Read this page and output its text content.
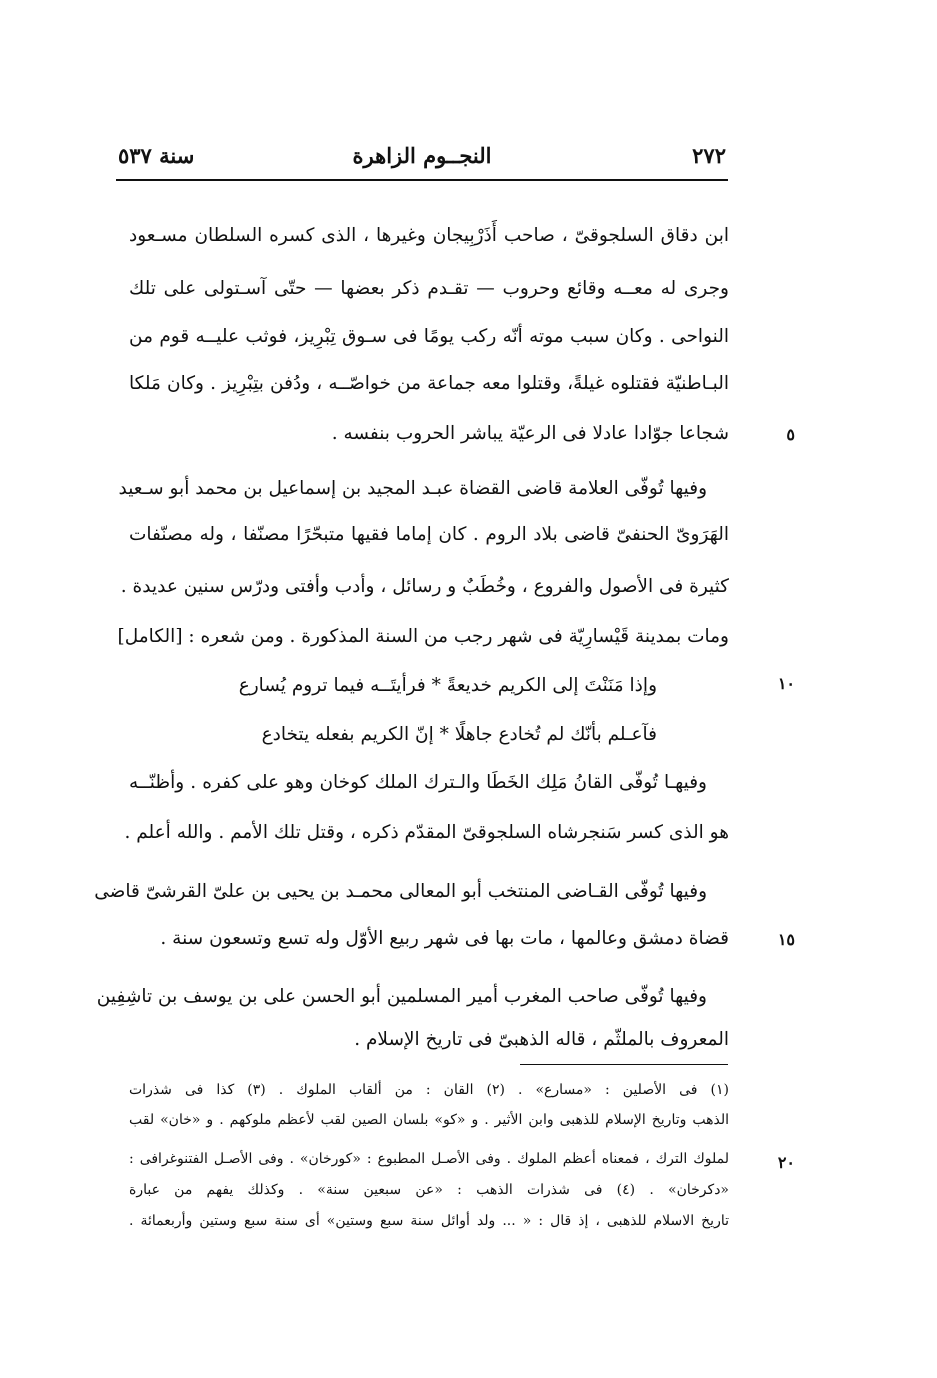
٢٧٢
النجــوم الزاهرة
سنة ٥٣٧
ابن دقاق السلجوقىّ ، صاحب أَذَرْبِيجان وغيرها ، الذى كسره السلطان مسـعود
وجرى له معــه وقائع وحروب — تقـدم ذكر بعضها — حتّى آسـتولى على تلك
النواحى . وكان سبب موته أنّه ركب يومًا فى سـوق تِبْرِيز، فوثب عليــه قوم من
البـاطنيّة فقتلوه غيلةً، وقتلوا معه جماعة من خواصّــه ، ودُفن بتِبْرِيز . وكان مَلكا
شجاعا جوّادا عادلا فى الرعيّة يباشر الحروب بنفسه .
وفيها تُوفّى العلامة قاضى القضاة عبـد المجيد بن إسماعيل بن محمد أبو سـعيد
الهَرَوىّ الحنفىّ قاضى بلاد الروم . كان إماما فقيها متبحّرًا مصنّفا ، وله مصنّفات
كثيرة فى الأصول والفروع ، وخُطَبٌ و رسائل ، وأدب وأفتى ودرّس سنين عديدة .
ومات بمدينة قَيْسارِيّة فى شهر رجب من السنة المذكورة . ومن شعره : [الكامل]
وإذا مَنَنْتَ إلى الكريم خديعةً * فرأيتَــه فيما تروم يُسارع
فآعـلم بأنّك لم تُخادع جاهلًا * إنّ الكريم بفعله يتخادع
وفيهـا تُوفّى القانُ مَلِك الخَطَا والـترك الملك كوخان وهو على كفره . وأظنّــه
هو الذى كسر سَنجرشاه السلجوقىّ المقدّم ذكره ، وقتل تلك الأمم . والله أعلم .
وفيها تُوفّى القـاضى المنتخب أبو المعالى محمـد بن يحيى بن علىّ القرشىّ قاضى
قضاة دمشق وعالمها ، مات بها فى شهر ربيع الأوّل وله تسع وتسعون سنة .
وفيها تُوفّى صاحب المغرب أمير المسلمين أبو الحسن على بن يوسف بن تاشِفِين
المعروف بالملثّم ، قاله الذهبىّ فى تاريخ الإسلام .
٥
١٠
١٥
٢٠
(١) فى الأصلين : «مسارع» . (٢) القان : من ألقاب الملوك . (٣) كذا فى شذرات
الذهب وتاريخ الإسلام للذهبى وابن الأثير . و «كو» بلسان الصين لقب لأعظم ملوكهم . و «خان» لقب
لملوك الترك ، فمعناه أعظم الملوك . وفى الأصـل المطبوع : «كورخان» . وفى الأصـل الفتنوغرافى :
«دكرخان» . (٤) فى شذرات الذهب : «عن سبعين سنة» . وكذلك يفهم من عبارة
تاريخ الاسلام للذهبى ، إذ قال : « ... ولد أوائل سنة سبع وستين» أى سنة سبع وستين وأربعمائة .
